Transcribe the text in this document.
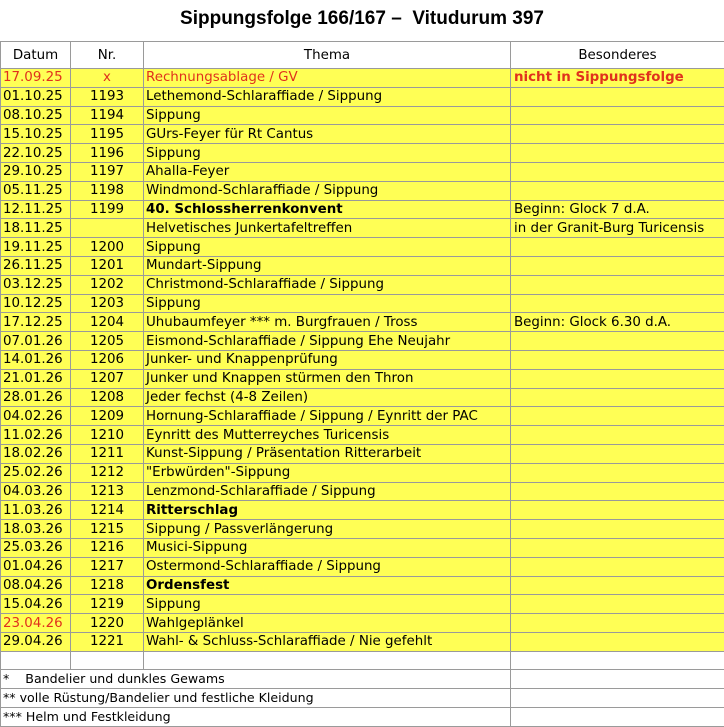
Sippungsfolge 166/167 –  Vitudurum 397
Datum	Nr.	Thema	Besonderes
17.09.25	x	Rechnungsablage / GV	nicht in Sippungsfolge
01.10.25	1193	Lethemond-Schlaraffiade / Sippung	
08.10.25	1194	Sippung	
15.10.25	1195	GUrs-Feyer für Rt Cantus	
22.10.25	1196	Sippung	
29.10.25	1197	Ahalla-Feyer	
05.11.25	1198	Windmond-Schlaraffiade / Sippung	
12.11.25	1199	40. Schlossherrenkonvent	Beginn: Glock 7 d.A.
18.11.25		Helvetisches Junkertafeltreffen	in der Granit-Burg Turicensis
19.11.25	1200	Sippung	
26.11.25	1201	Mundart-Sippung	
03.12.25	1202	Christmond-Schlaraffiade / Sippung	
10.12.25	1203	Sippung	
17.12.25	1204	Uhubaumfeyer *** m. Burgfrauen / Tross	Beginn: Glock 6.30 d.A.
07.01.26	1205	Eismond-Schlaraffiade / Sippung Ehe Neujahr	
14.01.26	1206	Junker- und Knappenprüfung	
21.01.26	1207	Junker und Knappen stürmen den Thron	
28.01.26	1208	Jeder fechst (4-8 Zeilen)	
04.02.26	1209	Hornung-Schlaraffiade / Sippung / Eynritt der PAC	
11.02.26	1210	Eynritt des Mutterreyches Turicensis	
18.02.26	1211	Kunst-Sippung / Präsentation Ritterarbeit	
25.02.26	1212	"Erbwürden"-Sippung	
04.03.26	1213	Lenzmond-Schlaraffiade / Sippung	
11.03.26	1214	Ritterschlag	
18.03.26	1215	Sippung / Passverlängerung	
25.03.26	1216	Musici-Sippung	
01.04.26	1217	Ostermond-Schlaraffiade / Sippung	
08.04.26	1218	Ordensfest	
15.04.26	1219	Sippung	
23.04.26	1220	Wahlgeplänkel	
29.04.26	1221	Wahl- & Schluss-Schlaraffiade / Nie gefehlt	

*    Bandelier und dunkles Gewams			
** volle Rüstung/Bandelier und festliche Kleidung			
*** Helm und Festkleidung			
